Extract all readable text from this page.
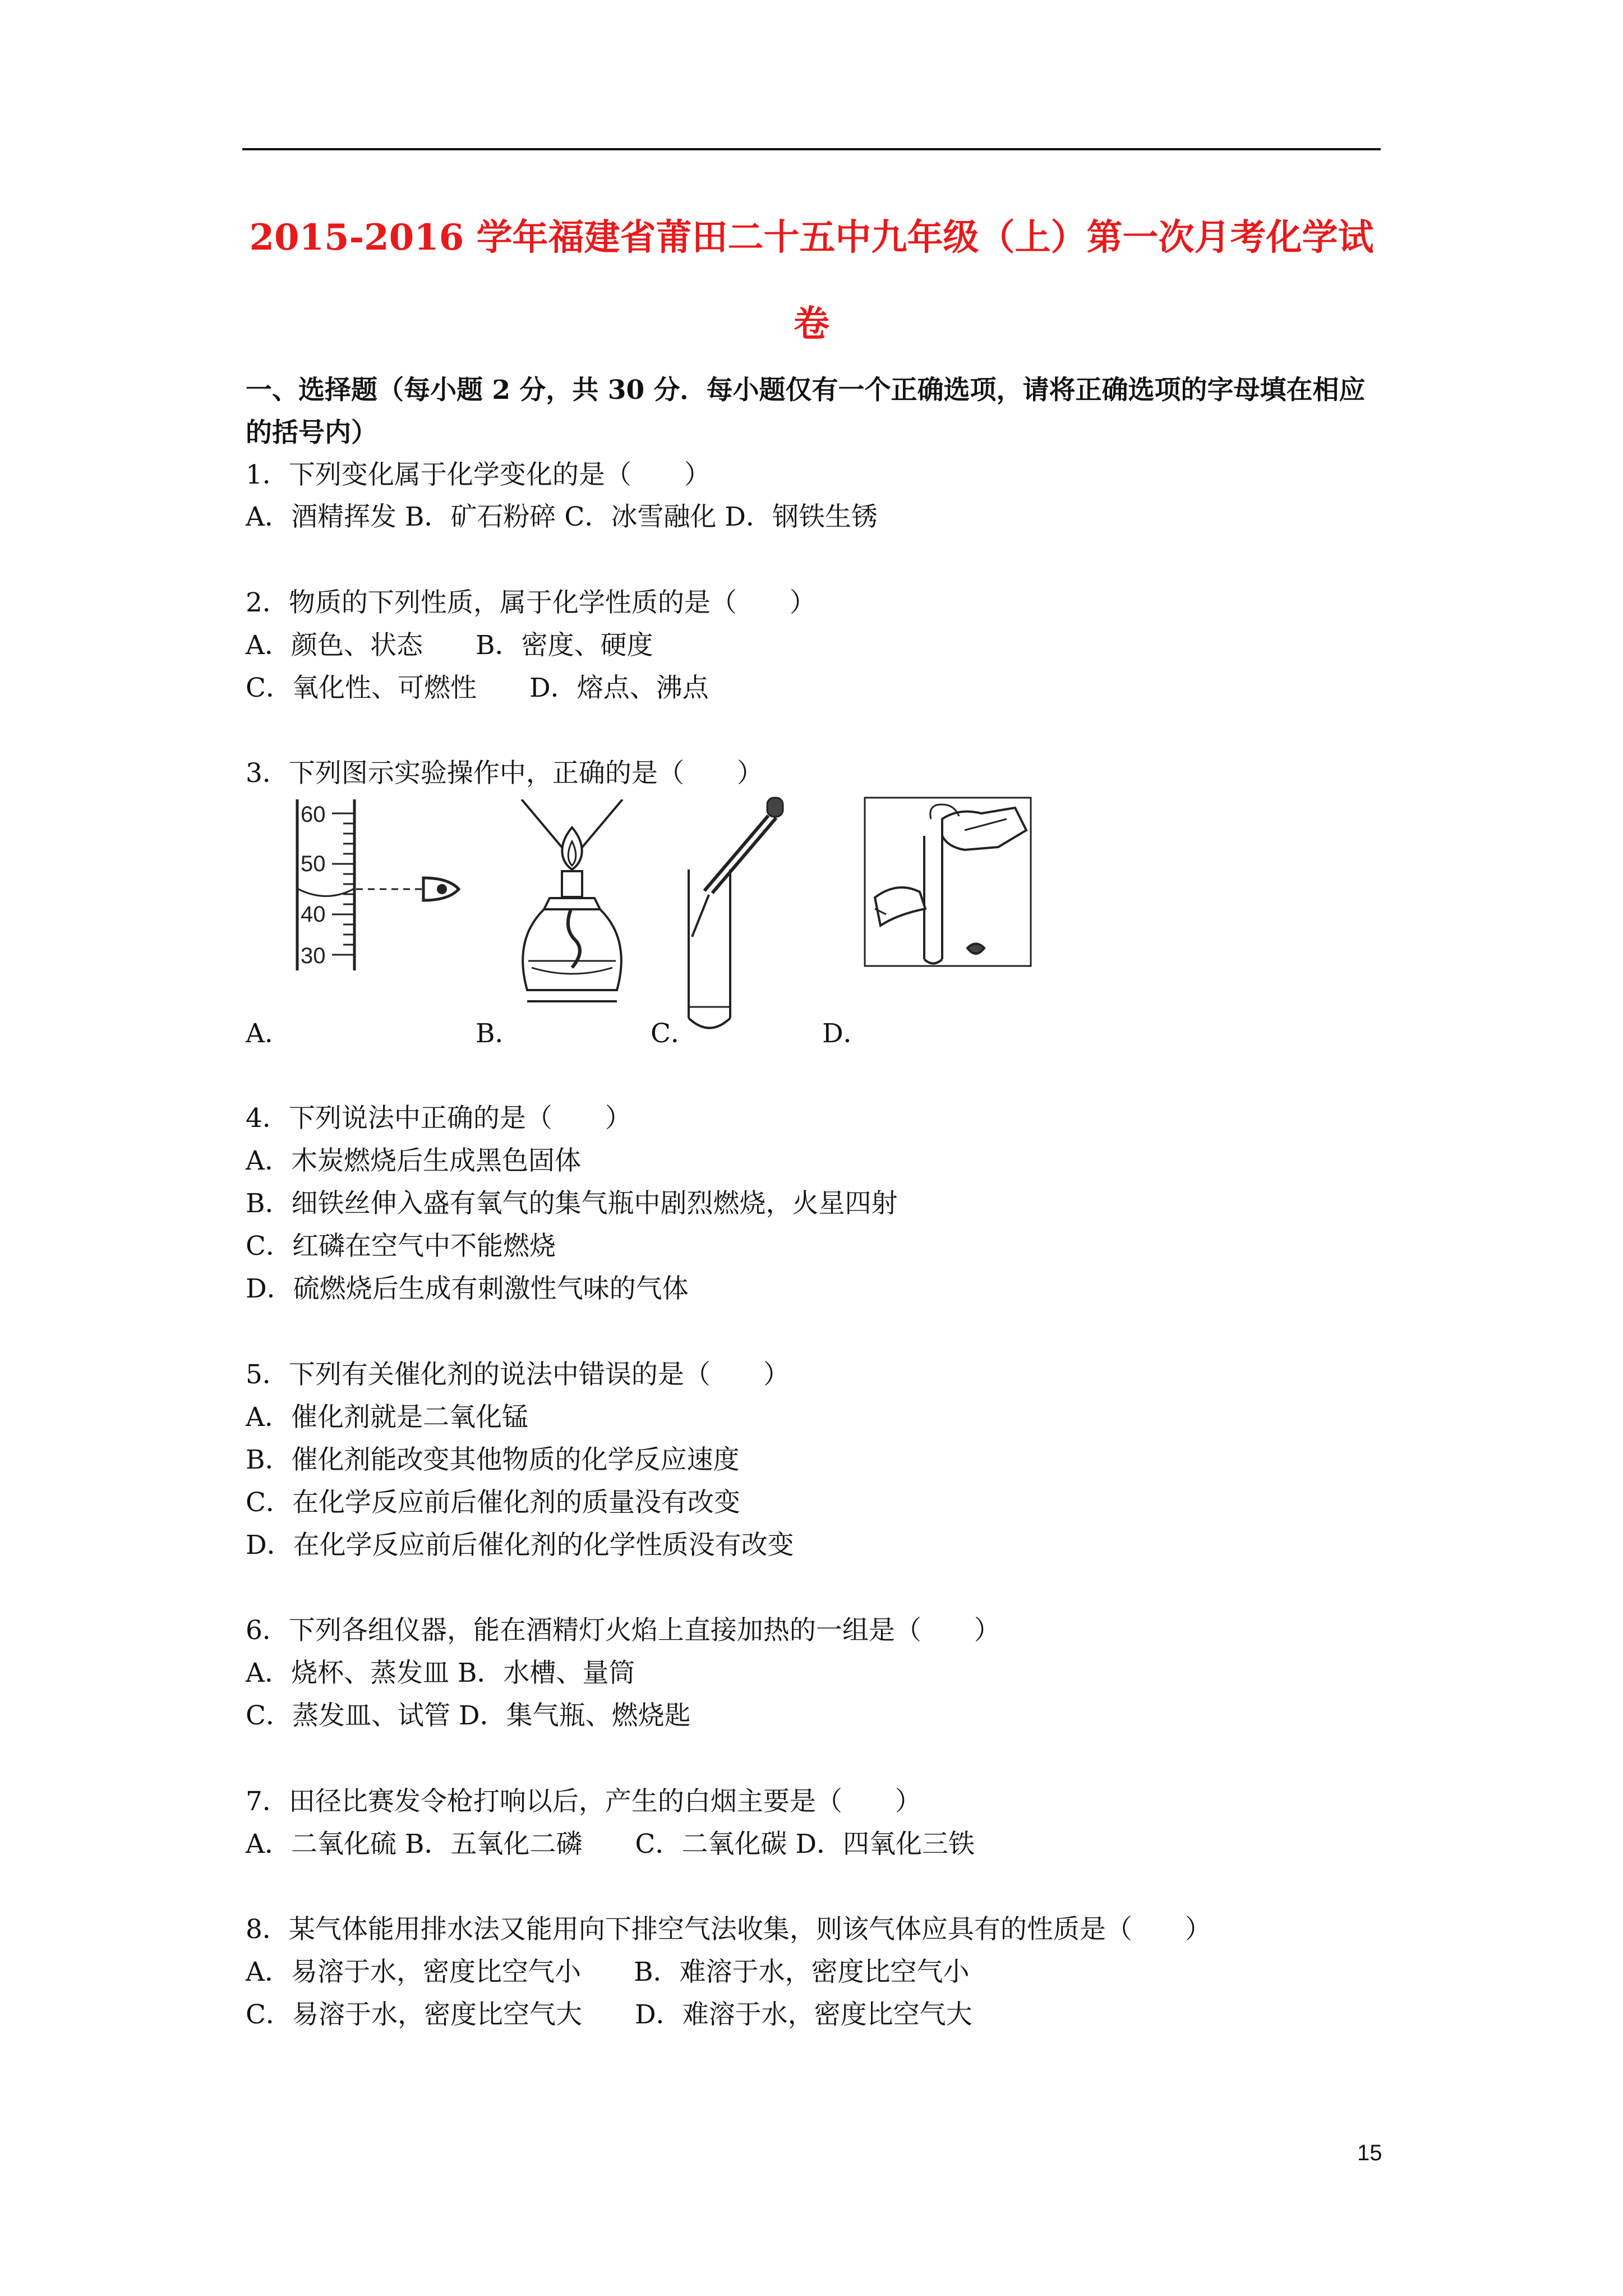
2015-2016 学年福建省莆田二十五中九年级（上）第一次月考化学试
卷
一、选择题（每小题 2 分，共 30 分．每小题仅有一个正确选项，请将正确选项的字母填在相应的括号内）
1．下列变化属于化学变化的是（　　）
A．酒精挥发 B．矿石粉碎 C．冰雪融化 D．钢铁生锈
2．物质的下列性质，属于化学性质的是（　　）
A．颜色、状态　　B．密度、硬度
C．氧化性、可燃性　　D．熔点、沸点
3．下列图示实验操作中，正确的是（　　）
60
50
40
30
A．	B．	C．	D．
4．下列说法中正确的是（　　）
A．木炭燃烧后生成黑色固体
B．细铁丝伸入盛有氧气的集气瓶中剧烈燃烧，火星四射
C．红磷在空气中不能燃烧
D．硫燃烧后生成有刺激性气味的气体
5．下列有关催化剂的说法中错误的是（　　）
A．催化剂就是二氧化锰
B．催化剂能改变其他物质的化学反应速度
C．在化学反应前后催化剂的质量没有改变
D．在化学反应前后催化剂的化学性质没有改变
6．下列各组仪器，能在酒精灯火焰上直接加热的一组是（　　）
A．烧杯、蒸发皿 B．水槽、量筒
C．蒸发皿、试管 D．集气瓶、燃烧匙
7．田径比赛发令枪打响以后，产生的白烟主要是（　　）
A．二氧化硫 B．五氧化二磷　　C．二氧化碳 D．四氧化三铁
8．某气体能用排水法又能用向下排空气法收集，则该气体应具有的性质是（　　）
A．易溶于水，密度比空气小　　B．难溶于水，密度比空气小
C．易溶于水，密度比空气大　　D．难溶于水，密度比空气大
15
